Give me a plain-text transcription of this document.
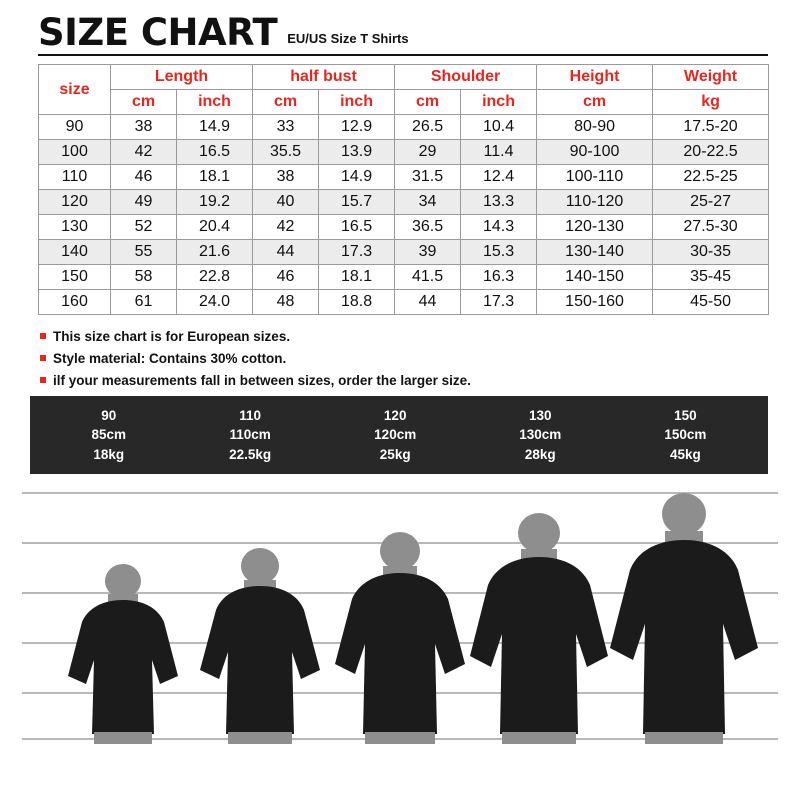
SIZE CHART EU/US Size T Shirts
size	Length		half bust		Shoulder		Height	Weight
	cm	inch	cm	inch	cm	inch	cm	kg
90	38	14.9	33	12.9	26.5	10.4	80-90	17.5-20
100	42	16.5	35.5	13.9	29	11.4	90-100	20-22.5
110	46	18.1	38	14.9	31.5	12.4	100-110	22.5-25
120	49	19.2	40	15.7	34	13.3	110-120	25-27
130	52	20.4	42	16.5	36.5	14.3	120-130	27.5-30
140	55	21.6	44	17.3	39	15.3	130-140	30-35
150	58	22.8	46	18.1	41.5	16.3	140-150	35-45
160	61	24.0	48	18.8	44	17.3	150-160	45-50
This size chart is for European sizes.
Style material: Contains 30% cotton.
ilf your measurements fall in between sizes, order the larger size.
90
85cm
18kg
110
110cm
22.5kg
120
120cm
25kg
130
130cm
28kg
150
150cm
45kg
